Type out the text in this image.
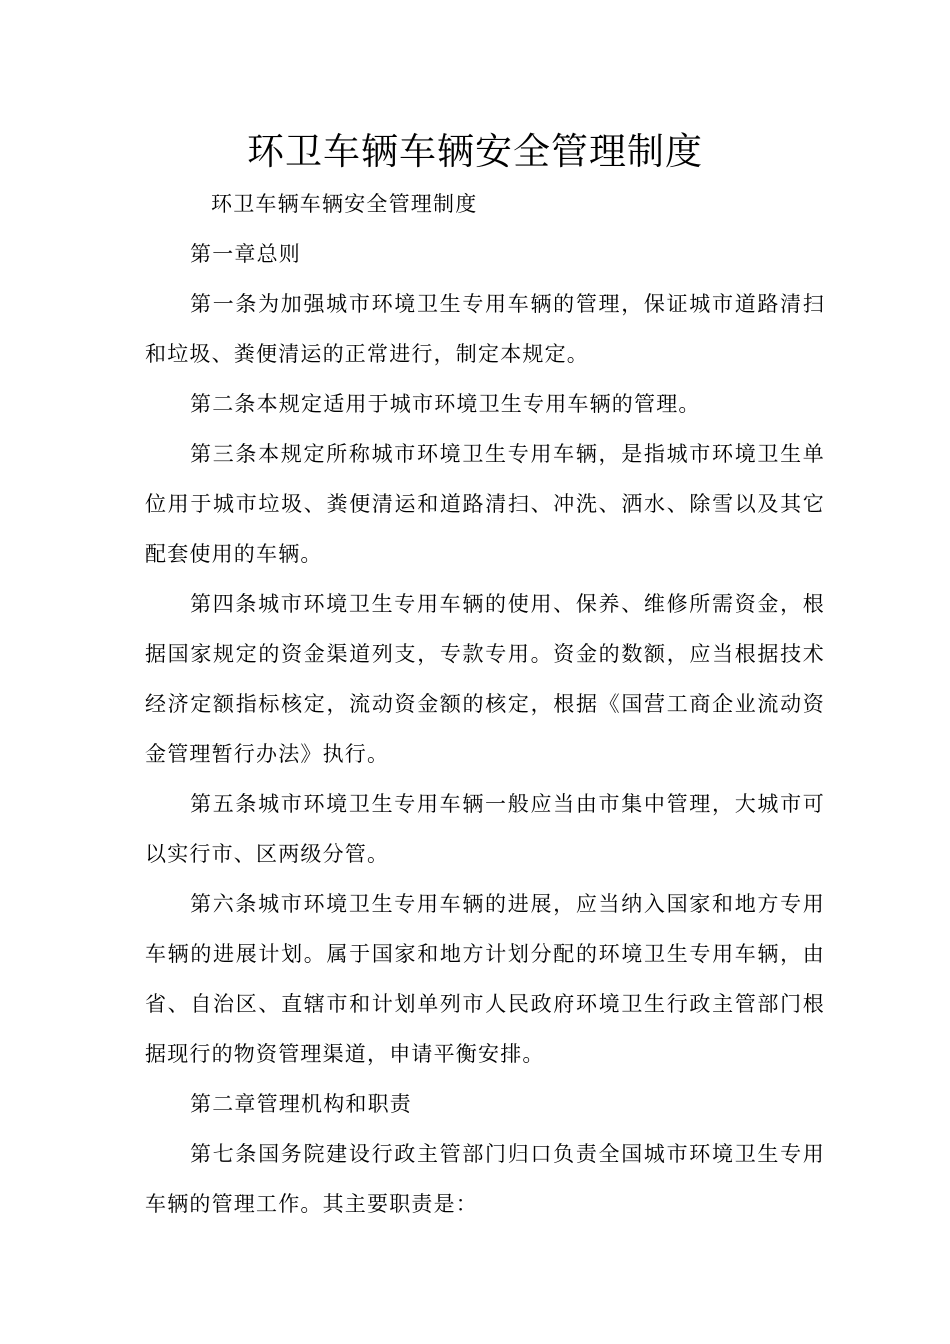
环卫车辆车辆安全管理制度

环卫车辆车辆安全管理制度

第一章总则

第一条为加强城市环境卫生专用车辆的管理，保证城市道路清扫和垃圾、粪便清运的正常进行，制定本规定。

第二条本规定适用于城市环境卫生专用车辆的管理。

第三条本规定所称城市环境卫生专用车辆，是指城市环境卫生单位用于城市垃圾、粪便清运和道路清扫、冲洗、洒水、除雪以及其它配套使用的车辆。

第四条城市环境卫生专用车辆的使用、保养、维修所需资金，根据国家规定的资金渠道列支，专款专用。资金的数额，应当根据技术经济定额指标核定，流动资金额的核定，根据《国营工商企业流动资金管理暂行办法》执行。

第五条城市环境卫生专用车辆一般应当由市集中管理，大城市可以实行市、区两级分管。

第六条城市环境卫生专用车辆的进展，应当纳入国家和地方专用车辆的进展计划。属于国家和地方计划分配的环境卫生专用车辆，由省、自治区、直辖市和计划单列市人民政府环境卫生行政主管部门根据现行的物资管理渠道，申请平衡安排。

第二章管理机构和职责

第七条国务院建设行政主管部门归口负责全国城市环境卫生专用车辆的管理工作。其主要职责是：
